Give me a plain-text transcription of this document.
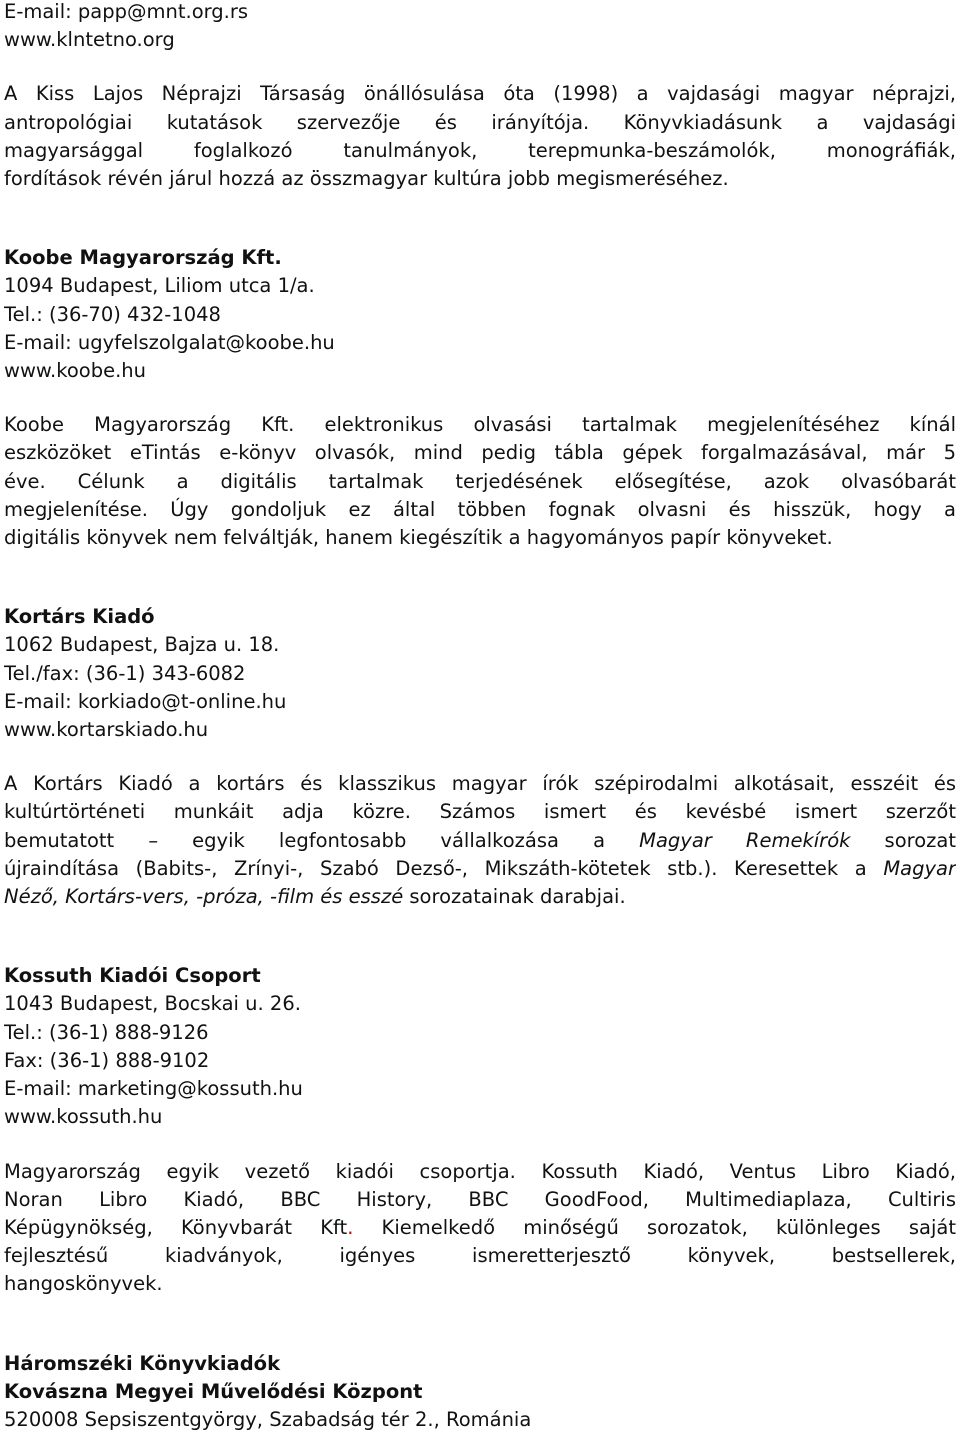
E-mail: papp@mnt.org.rs
www.klntetno.org
A Kiss Lajos Néprajzi Társaság önállósulása óta (1998) a vajdasági magyar néprajzi,
antropológiai kutatások szervezője és irányítója. Könyvkiadásunk a vajdasági
magyarsággal foglalkozó tanulmányok, terepmunka-beszámolók, monográfiák,
fordítások révén járul hozzá az összmagyar kultúra jobb megismeréséhez.
Koobe Magyarország Kft.
1094 Budapest, Liliom utca 1/a.
Tel.: (36-70) 432-1048
E-mail: ugyfelszolgalat@koobe.hu
www.koobe.hu
Koobe Magyarország Kft. elektronikus olvasási tartalmak megjelenítéséhez kínál
eszközöket eTintás e-könyv olvasók, mind pedig tábla gépek forgalmazásával, már 5
éve. Célunk a digitális tartalmak terjedésének elősegítése, azok olvasóbarát
megjelenítése. Úgy gondoljuk ez által többen fognak olvasni és hisszük, hogy a
digitális könyvek nem felváltják, hanem kiegészítik a hagyományos papír könyveket.
Kortárs Kiadó
1062 Budapest, Bajza u. 18.
Tel./fax: (36-1) 343-6082
E-mail: korkiado@t-online.hu
www.kortarskiado.hu
A Kortárs Kiadó a kortárs és klasszikus magyar írók szépirodalmi alkotásait, esszéit és
kultúrtörténeti munkáit adja közre. Számos ismert és kevésbé ismert szerzőt
bemutatott – egyik legfontosabb vállalkozása a Magyar Remekírók sorozat
újraindítása (Babits-, Zrínyi-, Szabó Dezső-, Mikszáth-kötetek stb.). Keresettek a Magyar
Néző, Kortárs-vers, -próza, -film és esszé sorozatainak darabjai.
Kossuth Kiadói Csoport
1043 Budapest, Bocskai u. 26.
Tel.: (36-1) 888-9126
Fax: (36-1) 888-9102
E-mail: marketing@kossuth.hu
www.kossuth.hu
Magyarország egyik vezető kiadói csoportja. Kossuth Kiadó, Ventus Libro Kiadó,
Noran Libro Kiadó, BBC History, BBC GoodFood, Multimediaplaza, Cultiris
Képügynökség, Könyvbarát Kft. Kiemelkedő minőségű sorozatok, különleges saját
fejlesztésű kiadványok, igényes ismeretterjesztő könyvek, bestsellerek,
hangoskönyvek.
Háromszéki Könyvkiadók
Kovászna Megyei Művelődési Központ
520008 Sepsiszentgyörgy, Szabadság tér 2., Románia
